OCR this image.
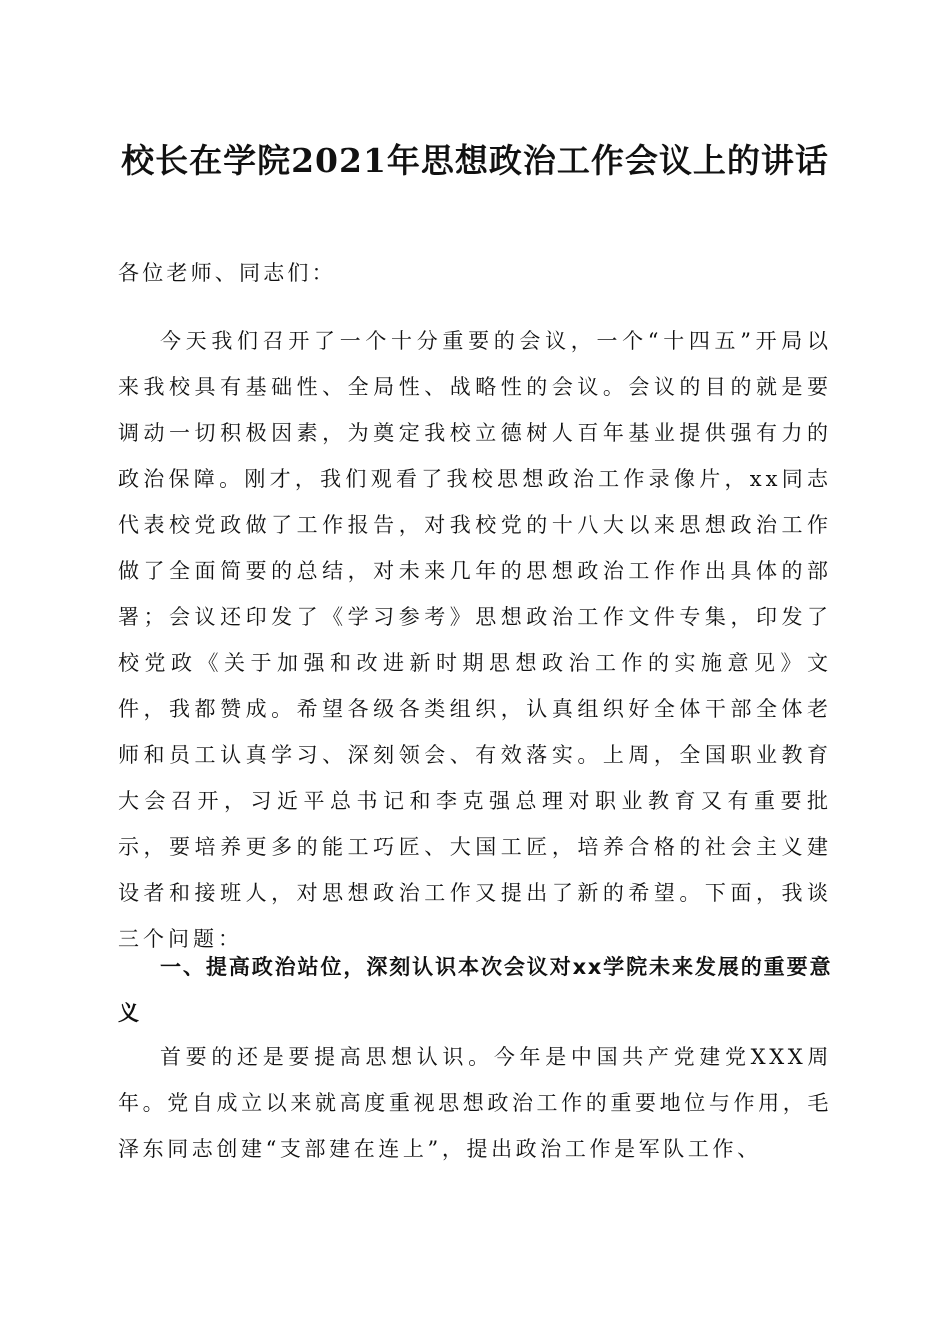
校长在学院2021年思想政治工作会议上的讲话
各位老师、同志们：
今天我们召开了一个十分重要的会议，一个“十四五”开局以来我校具有基础性、全局性、战略性的会议。会议的目的就是要调动一切积极因素，为奠定我校立德树人百年基业提供强有力的政治保障。刚才，我们观看了我校思想政治工作录像片，xx同志代表校党政做了工作报告，对我校党的十八大以来思想政治工作做了全面简要的总结，对未来几年的思想政治工作作出具体的部署；会议还印发了《学习参考》思想政治工作文件专集，印发了校党政《关于加强和改进新时期思想政治工作的实施意见》文件，我都赞成。希望各级各类组织，认真组织好全体干部全体老师和员工认真学习、深刻领会、有效落实。上周，全国职业教育大会召开，习近平总书记和李克强总理对职业教育又有重要批示，要培养更多的能工巧匠、大国工匠，培养合格的社会主义建设者和接班人，对思想政治工作又提出了新的希望。下面，我谈三个问题：
一、提高政治站位，深刻认识本次会议对xx学院未来发展的重要意义
首要的还是要提高思想认识。今年是中国共产党建党XXX周年。党自成立以来就高度重视思想政治工作的重要地位与作用，毛泽东同志创建“支部建在连上”，提出政治工作是军队工作、
